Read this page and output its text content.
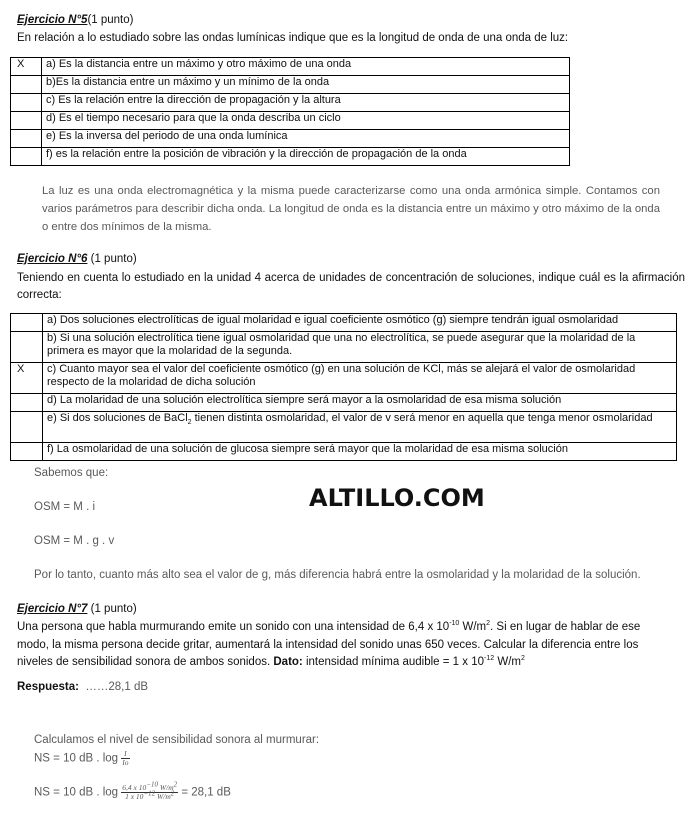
Ejercicio N°5(1 punto)
En relación a lo estudiado sobre las ondas lumínicas indique que es la longitud de onda de una onda de luz:
X	a) Es la distancia entre un máximo y otro máximo de una onda
	b)Es la distancia entre un máximo y un mínimo de la onda
	c) Es la relación entre la dirección de propagación y la altura
	d) Es el tiempo necesario para que la onda describa un ciclo
	e) Es la inversa del periodo de una onda lumínica
	f) es la relación entre la posición de vibración y la dirección de propagación de la onda
La luz es una onda electromagnética y la misma puede caracterizarse como una onda armónica simple. Contamos con varios parámetros para describir dicha onda. La longitud de onda es la distancia entre un máximo y otro máximo de la onda o entre dos mínimos de la misma.
Ejercicio N°6 (1 punto)
Teniendo en cuenta lo estudiado en la unidad 4 acerca de unidades de concentración de soluciones, indique cuál es la afirmación correcta:
	a) Dos soluciones electrolíticas de igual molaridad e igual coeficiente osmótico (g) siempre tendrán igual osmolaridad
	b) Si una solución electrolítica tiene igual osmolaridad que una no electrolítica, se puede asegurar que la molaridad de la primera es mayor que la molaridad de la segunda.
X	c) Cuanto mayor sea el valor del coeficiente osmótico (g) en una solución de KCl, más se alejará el valor de osmolaridad respecto de la molaridad de dicha solución
	d) La molaridad de una solución electrolítica siempre será mayor a la osmolaridad de esa misma solución
	e) Si dos soluciones de BaCl$_2$ tienen distinta osmolaridad, el valor de v será menor en aquella que tenga menor osmolaridad
	f) La osmolaridad de una solución de glucosa siempre será mayor que la molaridad de esa misma solución
Sabemos que:
ALTILLO.COM
OSM = M . i
OSM = M . g . v
Por lo tanto, cuanto más alto sea el valor de g, más diferencia habrá entre la osmolaridad y la molaridad de la solución.
Ejercicio N°7 (1 punto)
Una persona que habla murmurando emite un sonido con una intensidad de 6,4 x $10^{-10}$ $W/m^2$. Si en lugar de hablar de ese
modo, la misma persona decide gritar, aumentará la intensidad del sonido unas 650 veces. Calcular la diferencia entre los
niveles de sensibilidad sonora de ambos sonidos. Dato: intensidad mínima audible = 1 x $10^{-12}$ $W/m^2$
Respuesta: ……28,1 dB
Calculamos el nivel de sensibilidad sonora al murmurar:
NS = 10 dB . $\log \frac{I}{Io}$
NS = 10 dB . $\log \frac{6,4 x 10^{-10} W/m^2}{1 x 10^{-12} W/m^2} = 28,1$ dB
